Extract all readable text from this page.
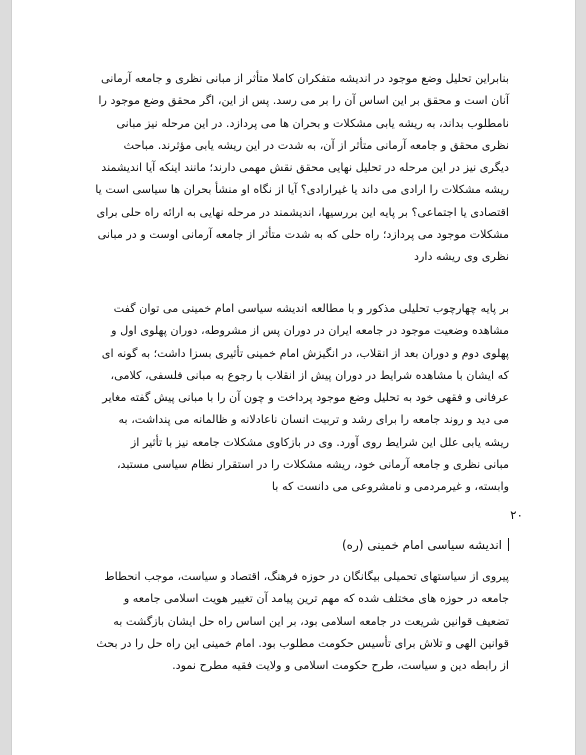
بنابراین تحلیل وضع موجود در اندیشه متفکران کاملا متأثر از مبانی نظری و جامعه آرمانی
آنان است و محقق بر این اساس آن را بر می رسد. پس از این، اگر محقق وضع موجود را
نامطلوب بداند، به ریشه یابی مشکلات و بحران ها می پردازد. در این مرحله نیز مبانی
نظری محقق و جامعه آرمانی متأثر از آن، به شدت در این ریشه یابی مؤثرند. مباحث
دیگری نیز در این مرحله در تحلیل نهایی محقق نقش مهمی دارند؛ مانند اینکه آیا اندیشمند
ریشه مشکلات را ارادی می داند یا غیرارادی؟ آیا از نگاه او منشأ بحران ها سیاسی است یا
اقتصادی یا اجتماعی؟ بر پایه این بررسیها، اندیشمند در مرحله نهایی به ارائه راه حلی برای
مشکلات موجود می پردازد؛ راه حلی که به شدت متأثر از جامعه آرمانی اوست و در مبانی
نظری وی ریشه دارد
بر پایه چهارچوب تحلیلی مذکور و با مطالعه اندیشه سیاسی امام خمینی می توان گفت
مشاهده وضعیت موجود در جامعه ایران در دوران پس از مشروطه، دوران پهلوی اول و
پهلوی دوم و دوران بعد از انقلاب، در انگیزش امام خمینی تأثیری بسزا داشت؛ به گونه ای
که ایشان با مشاهده شرایط در دوران پیش از انقلاب با رجوع به مبانی فلسفی، کلامی،
عرفانی و فقهی خود به تحلیل وضع موجود پرداخت و چون آن را با مبانی پیش گفته مغایر
می دید و روند جامعه را برای رشد و تربیت انسان ناعادلانه و ظالمانه می پنداشت، به
ریشه یابی علل این شرایط روی آورد. وی در بازکاوی مشکلات جامعه نیز با تأثیر از
مبانی نظری و جامعه آرمانی خود، ریشه مشکلات را در استقرار نظام سیاسی مستبد،
وابسته، و غیرمردمی و نامشروعی می دانست که با
۲۰
اندیشه سیاسی امام خمینی (ره)
پیروی از سیاستهای تحمیلی بیگانگان در حوزه فرهنگ، اقتصاد و سیاست، موجب انحطاط
جامعه در حوزه های مختلف شده که مهم ترین پیامد آن تغییر هویت اسلامی جامعه و
تضعیف قوانین شریعت در جامعه اسلامی بود، بر این اساس راه حل ایشان بازگشت به
قوانین الهی و تلاش برای تأسیس حکومت مطلوب بود. امام خمینی این راه حل را در بحث
از رابطه دین و سیاست، طرح حکومت اسلامی و ولایت فقیه مطرح نمود.
